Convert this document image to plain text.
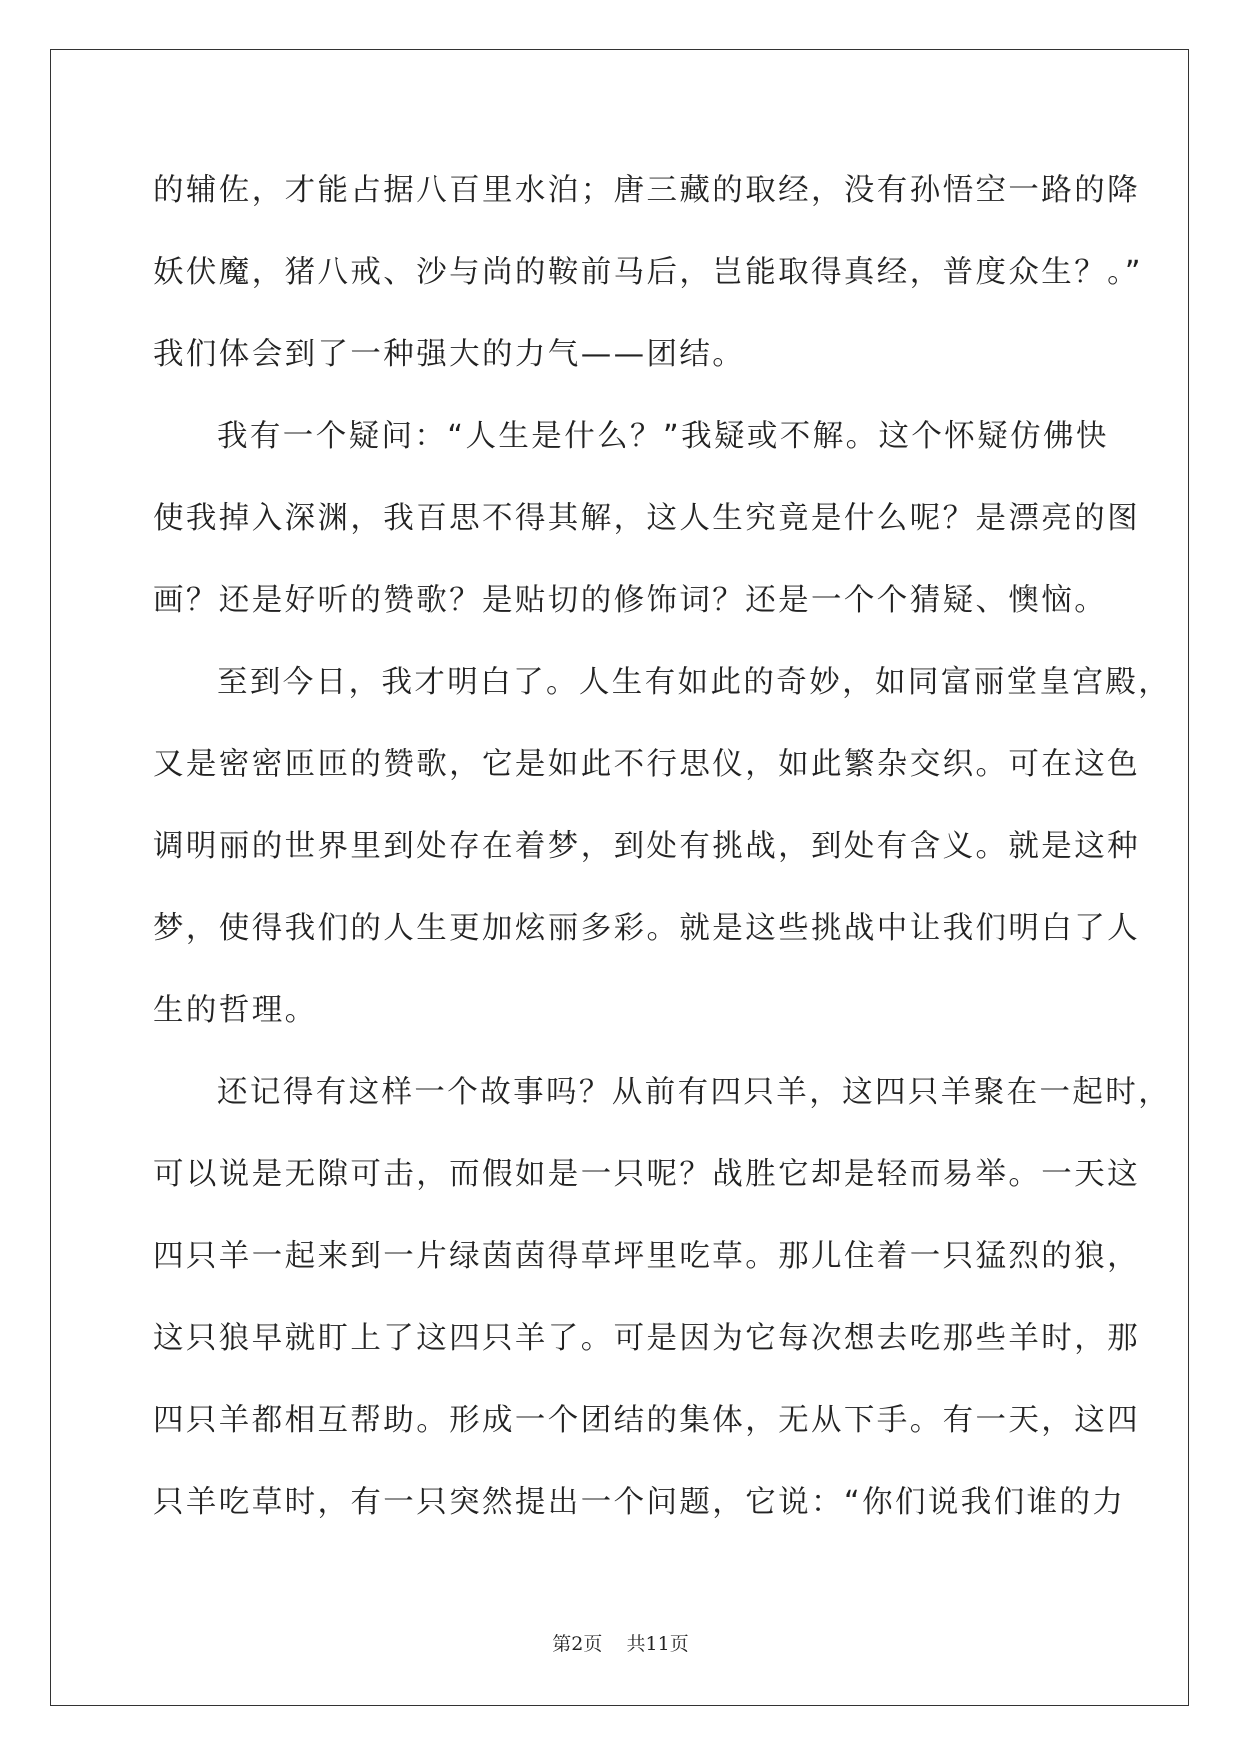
的辅佐，才能占据八百里水泊；唐三藏的取经，没有孙悟空一路的降
妖伏魔，猪八戒、沙与尚的鞍前马后，岂能取得真经，普度众生？。”
我们体会到了一种强大的力气——团结。
我有一个疑问：“人生是什么？”我疑或不解。这个怀疑仿佛快
使我掉入深渊，我百思不得其解，这人生究竟是什么呢？是漂亮的图
画？还是好听的赞歌？是贴切的修饰词？还是一个个猜疑、懊恼。
至到今日，我才明白了。人生有如此的奇妙，如同富丽堂皇宫殿，
又是密密匝匝的赞歌，它是如此不行思仪，如此繁杂交织。可在这色
调明丽的世界里到处存在着梦，到处有挑战，到处有含义。就是这种
梦，使得我们的人生更加炫丽多彩。就是这些挑战中让我们明白了人
生的哲理。
还记得有这样一个故事吗？从前有四只羊，这四只羊聚在一起时，
可以说是无隙可击，而假如是一只呢？战胜它却是轻而易举。一天这
四只羊一起来到一片绿茵茵得草坪里吃草。那儿住着一只猛烈的狼，
这只狼早就盯上了这四只羊了。可是因为它每次想去吃那些羊时，那
四只羊都相互帮助。形成一个团结的集体，无从下手。有一天，这四
只羊吃草时，有一只突然提出一个问题，它说：“你们说我们谁的力
第2页 共11页
